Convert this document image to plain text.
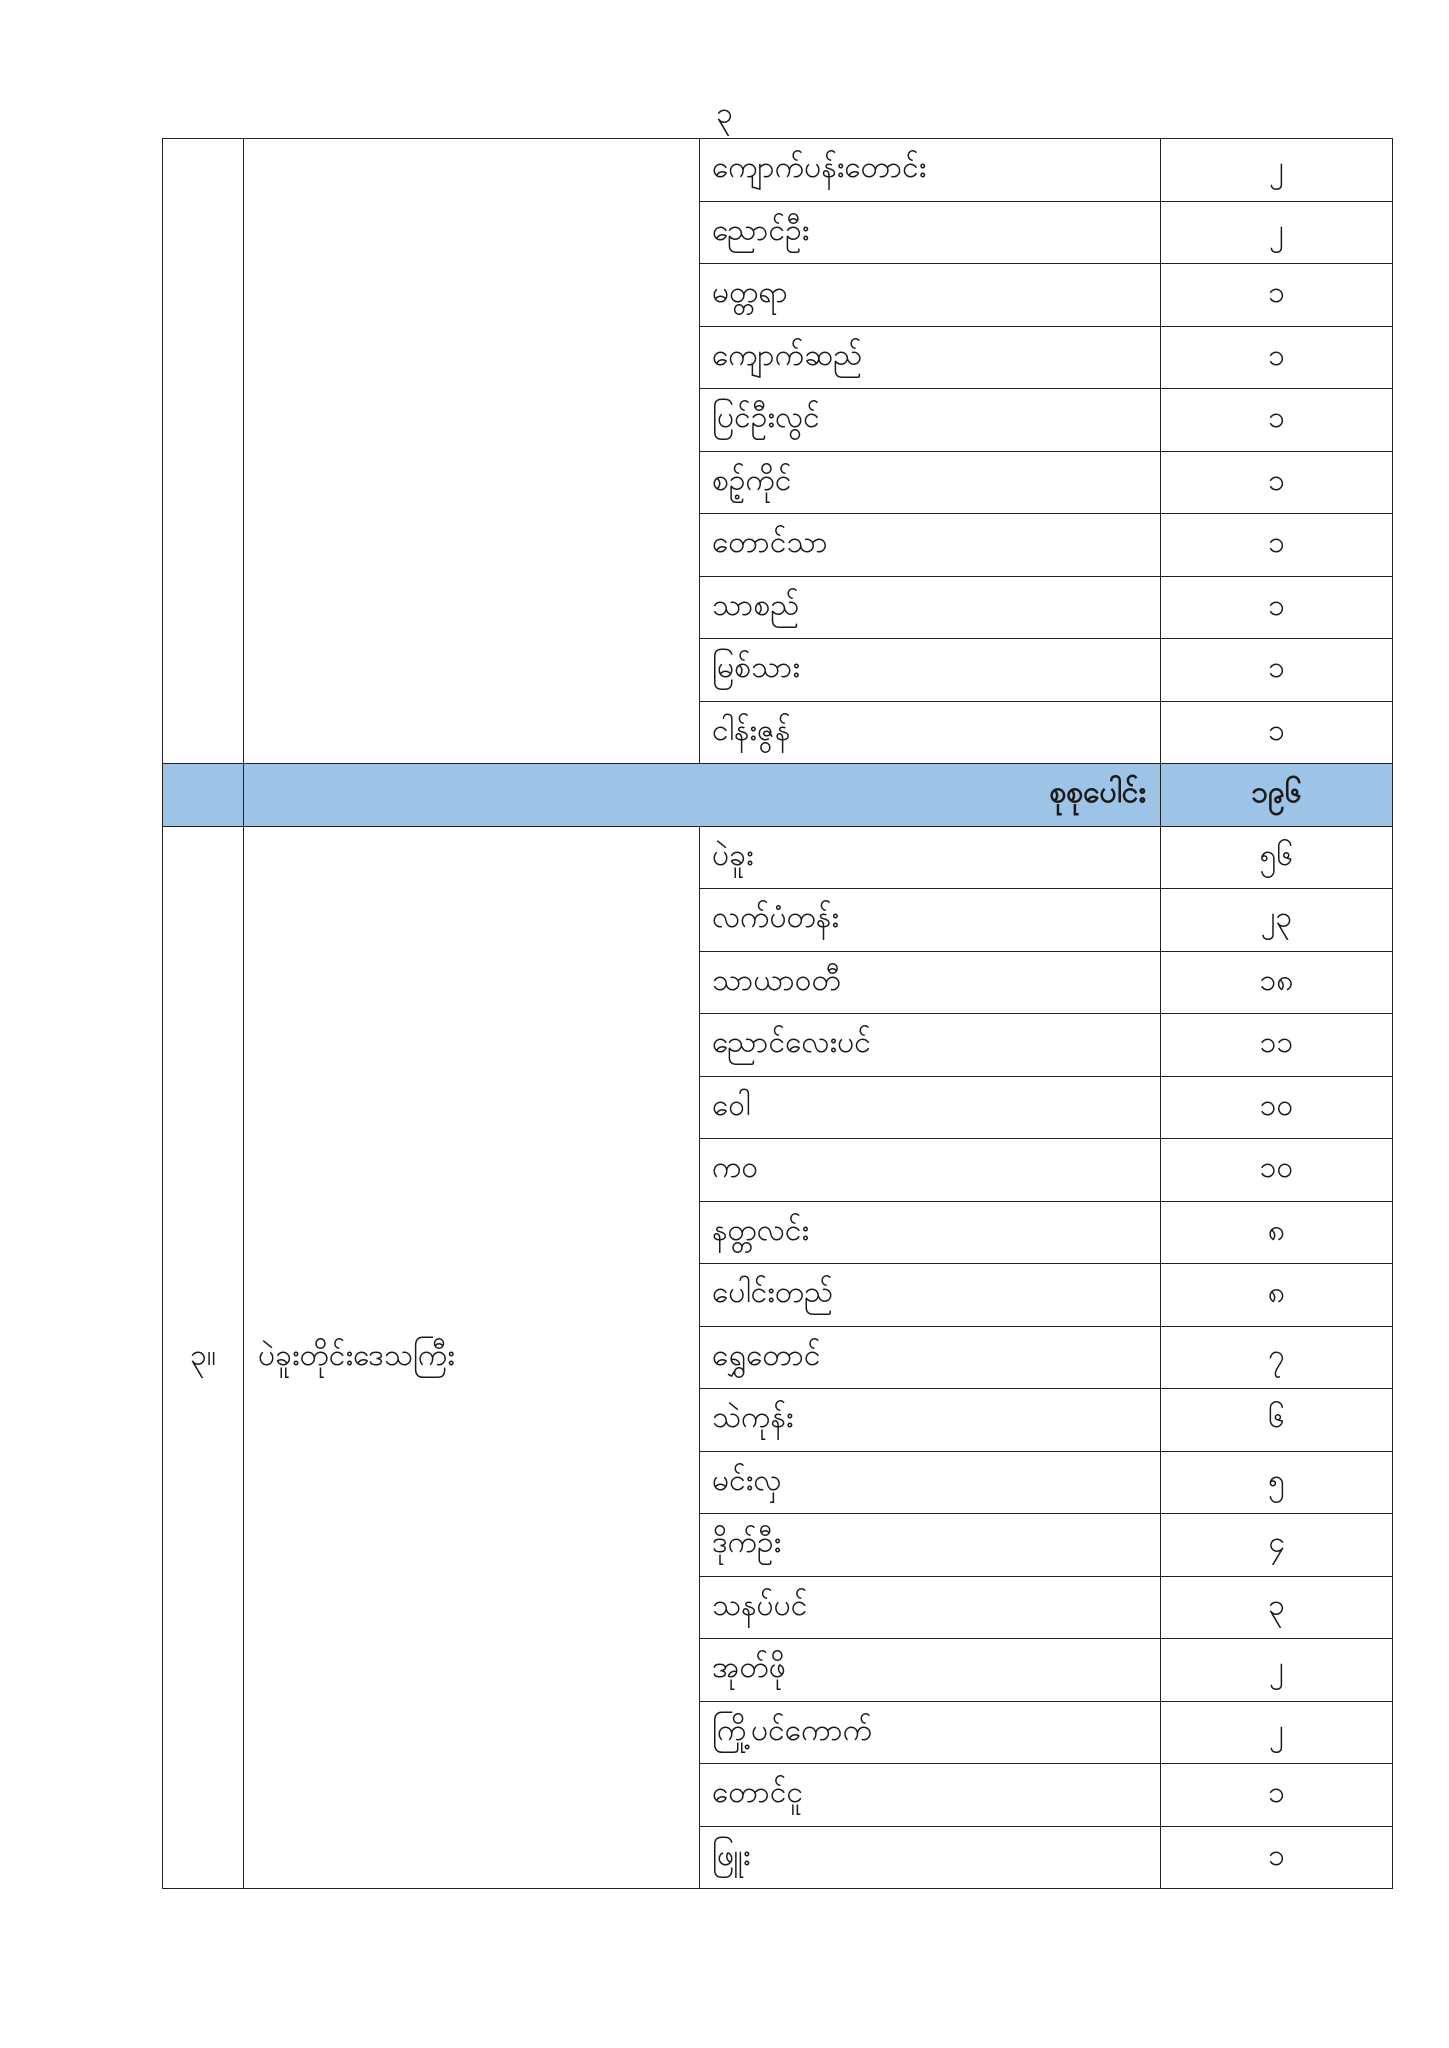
၃
		ကျောက်ပန်းတောင်း	၂
		ညောင်ဦး	၂
		မတ္တရာ	၁
		ကျောက်ဆည်	၁
		ပြင်ဦးလွင်	၁
		စဉ့်ကိုင်	၁
		တောင်သာ	၁
		သာစည်	၁
		မြစ်သား	၁
		ငါန်းဇွန်	၁
	စုစုပေါင်း		၁၉၆
၃။	ပဲခူးတိုင်းဒေသကြီး	ပဲခူး	၅၆
		လက်ပံတန်း	၂၃
		သာယာဝတီ	၁၈
		ညောင်လေးပင်	၁၁
		ဝေါ	၁၀
		ကဝ	၁၀
		နတ္တလင်း	၈
		ပေါင်းတည်	၈
		ရွှေတောင်	၇
		သဲကုန်း	၆
		မင်းလှ	၅
		ဒိုက်ဦး	၄
		သနပ်ပင်	၃
		အုတ်ဖို	၂
		ကြို့ပင်ကောက်	၂
		တောင်ငူ	၁
		ဖြူး	၁
